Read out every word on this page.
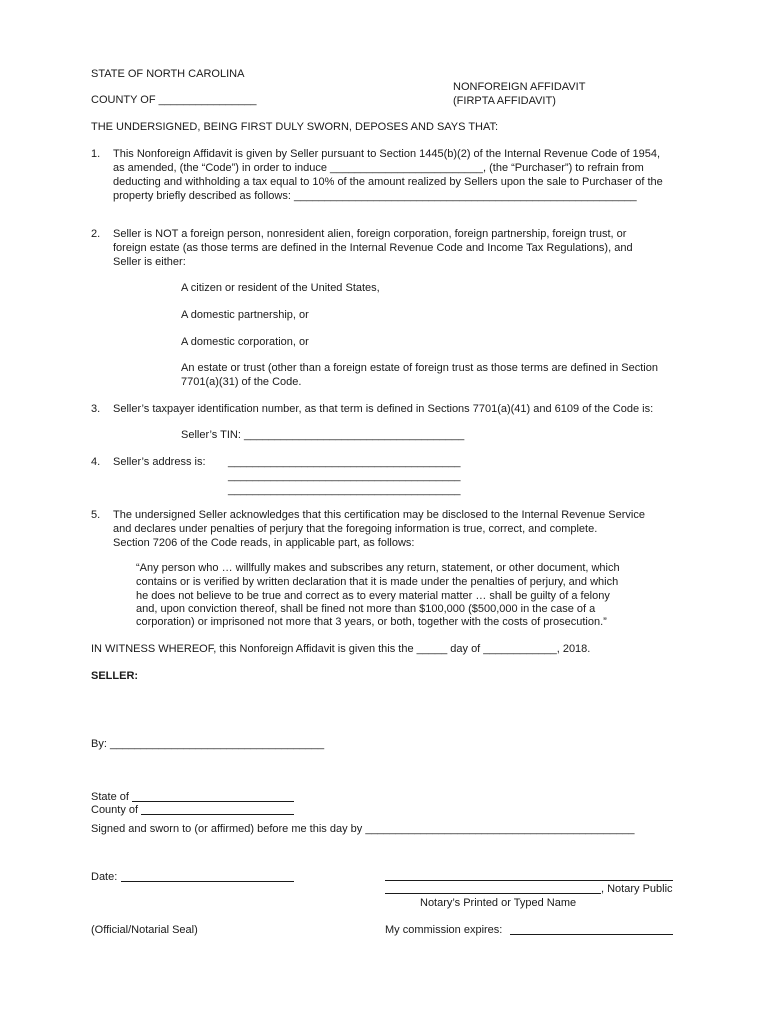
STATE OF NORTH CAROLINA
COUNTY OF ________________
NONFOREIGN AFFIDAVIT
(FIRPTA AFFIDAVIT)
THE UNDERSIGNED, BEING FIRST DULY SWORN, DEPOSES AND SAYS THAT:
1. This Nonforeign Affidavit is given by Seller pursuant to Section 1445(b)(2) of the Internal Revenue Code of 1954,
as amended, (the “Code”) in order to induce _________________________, (the “Purchaser”) to refrain from
deducting and withholding a tax equal to 10% of the amount realized by Sellers upon the sale to Purchaser of the
property briefly described as follows: ________________________________________________________
2. Seller is NOT a foreign person, nonresident alien, foreign corporation, foreign partnership, foreign trust, or
foreign estate (as those terms are defined in the Internal Revenue Code and Income Tax Regulations), and
Seller is either:
A citizen or resident of the United States,
A domestic partnership, or
A domestic corporation, or
An estate or trust (other than a foreign estate of foreign trust as those terms are defined in Section
7701(a)(31) of the Code.
3. Seller’s taxpayer identification number, as that term is defined in Sections 7701(a)(41) and 6109 of the Code is:
Seller’s TIN: ____________________________________
4. Seller’s address is: ______________________________________
______________________________________
______________________________________
5. The undersigned Seller acknowledges that this certification may be disclosed to the Internal Revenue Service
and declares under penalties of perjury that the foregoing information is true, correct, and complete.
Section 7206 of the Code reads, in applicable part, as follows:
“Any person who … willfully makes and subscribes any return, statement, or other document, which
contains or is verified by written declaration that it is made under the penalties of perjury, and which
he does not believe to be true and correct as to every material matter … shall be guilty of a felony
and, upon conviction thereof, shall be fined not more than $100,000 ($500,000 in the case of a
corporation) or imprisoned not more that 3 years, or both, together with the costs of prosecution.”
IN WITNESS WHEREOF, this Nonforeign Affidavit is given this the _____ day of ____________, 2018.
SELLER:
By: ___________________________________
State of
County of
Signed and sworn to (or affirmed) before me this day by ____________________________________________
Date:
, Notary Public
Notary’s Printed or Typed Name
(Official/Notarial Seal)	My commission expires:
